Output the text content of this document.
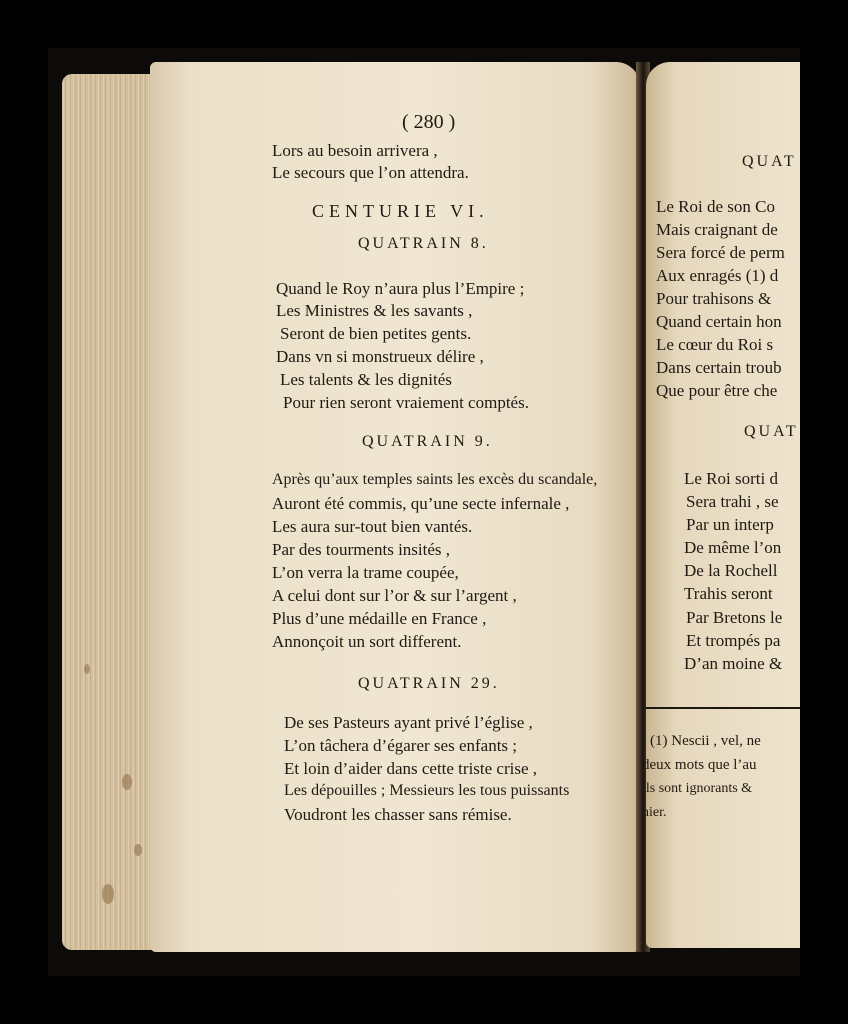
( 280 )
Lors au besoin arrivera ,
Le secours que l’on attendra.
CENTURIE VI.
QUATRAIN 8.
Quand le Roy n’aura plus l’Empire ;
Les Ministres & les savants ,
Seront de bien petites gents.
Dans vn si monstrueux délire ,
Les talents & les dignités
Pour rien seront vraiement comptés.
QUATRAIN 9.
Après qu’aux temples saints les excès du scandale,
Auront été commis, qu’une secte infernale ,
Les aura sur-tout bien vantés.
Par des tourments insités ,
L’on verra la trame coupée,
A celui dont sur l’or & sur l’argent ,
Plus d’une médaille en France ,
Annonçoit un sort different.
QUATRAIN 29.
De ses Pasteurs ayant privé l’église ,
L’on tâchera d’égarer ses enfants ;
Et loin d’aider dans cette triste crise ,
Les dépouilles ; Messieurs les tous puissants
Voudront les chasser sans rémise.
QUAT
Le Roi de son Co
Mais craignant de
Sera forcé de perm
Aux enragés (1) d
Pour trahisons &
Quand certain hon
Le cœur du Roi s
Dans certain troub
Que pour être che
QUAT
Le Roi sorti d
Sera trahi , se
Par un interp
De même l’on
De la Rochell
Trahis seront
Par Bretons le
Et trompés pa
D’an moine &
(1) Nescii , vel, ne
deux mots que l’au
ils sont ignorants &
nier.
